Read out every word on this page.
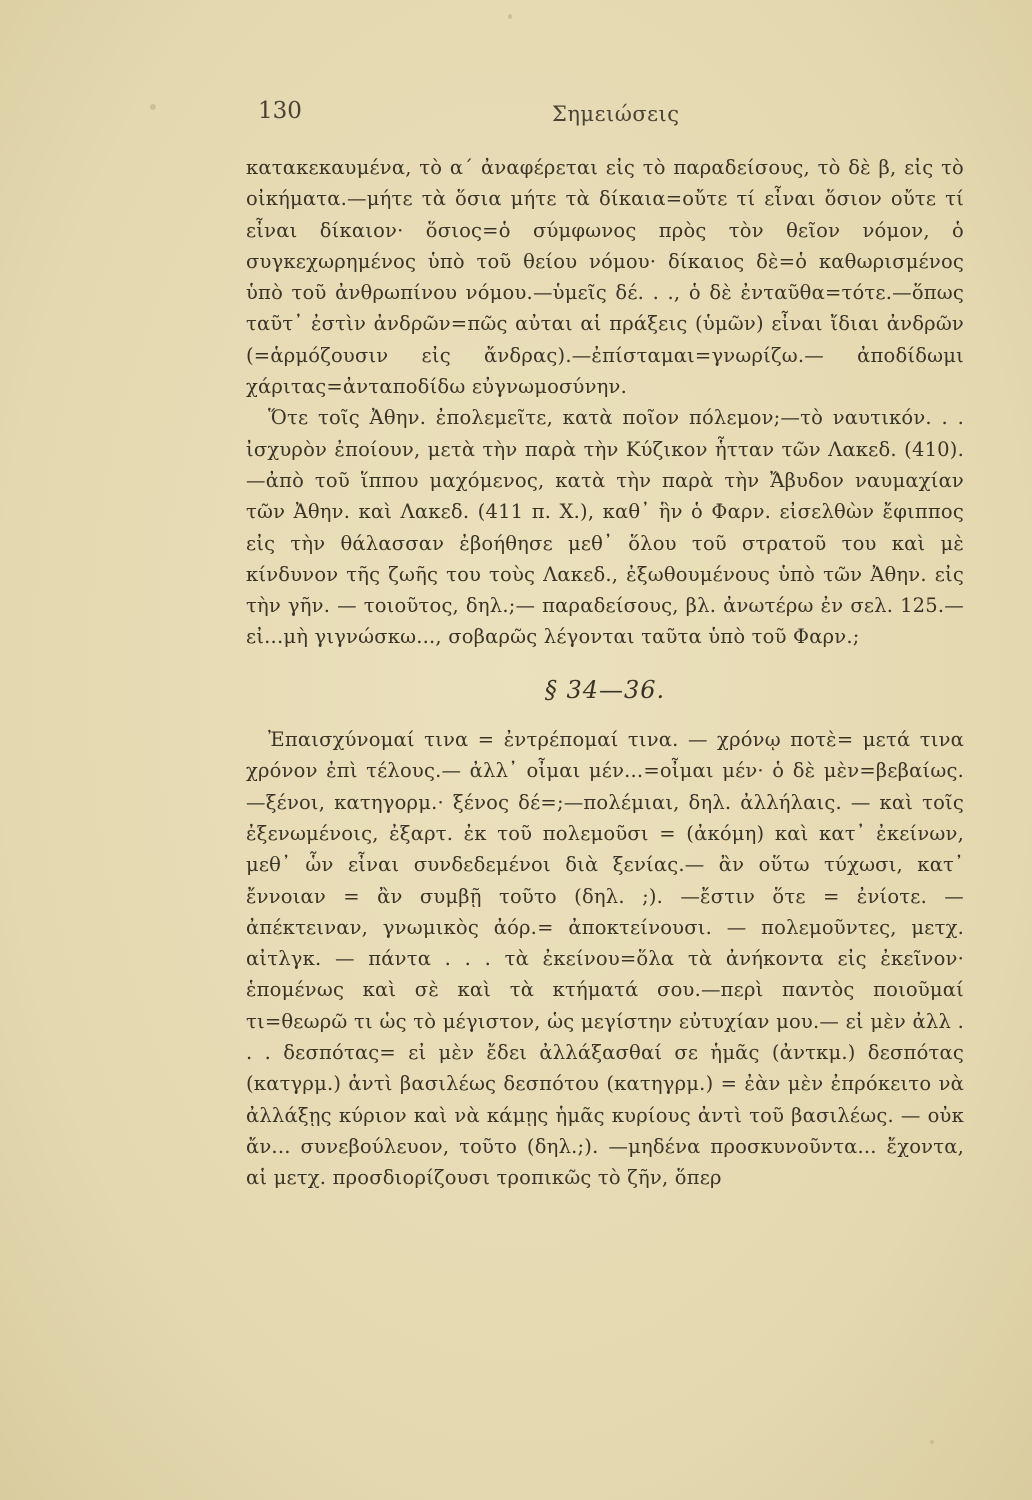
130	Σημειώσεις

κατακεκαυμένα, τὸ α΄ ἀναφέρεται εἰς τὸ παραδείσους, τὸ δὲ β, εἰς τὸ οἰκήματα.—μήτε τὰ ὅσια μήτε τὰ δίκαια=οὔτε τί εἶναι ὅσιον οὔτε τί εἶναι δίκαιον· ὅσιος=ὁ σύμφωνος πρὸς τὸν θεῖον νόμον, ὁ συγκεχωρημένος ὑπὸ τοῦ θείου νόμου· δίκαιος δὲ=ὁ καθωρισμένος ὑπὸ τοῦ ἀνθρωπίνου νόμου.—ὑμεῖς δέ. . ., ὁ δὲ ἐνταῦθα=τότε.—ὅπως ταῦτ᾿ ἐστὶν ἀνδρῶν=πῶς αὐται αἱ πράξεις (ὑμῶν) εἶναι ἴδιαι ἀνδρῶν (=ἁρμόζουσιν εἰς ἄνδρας).—ἐπίσταμαι=γνωρίζω.— ἀποδίδωμι χάριτας=ἀνταποδίδω εὐγνωμοσύνην.

Ὅτε τοῖς Ἀθην. ἐπολεμεῖτε, κατὰ ποῖον πόλεμον;—τὸ ναυτικόν. . . ἰσχυρὸν ἐποίουν, μετὰ τὴν παρὰ τὴν Κύζικον ἧτταν τῶν Λακεδ. (410).—ἀπὸ τοῦ ἵππου μαχόμενος, κατὰ τὴν παρὰ τὴν Ἄβυδον ναυμαχίαν τῶν Ἀθην. καὶ Λακεδ. (411 π. Χ.), καθ᾿ ἣν ὁ Φαρν. εἰσελθὼν ἔφιππος εἰς τὴν θάλασσαν ἐβοήθησε μεθ᾿ ὅλου τοῦ στρατοῦ του καὶ μὲ κίνδυνον τῆς ζωῆς του τοὺς Λακεδ., ἐξωθουμένους ὑπὸ τῶν Ἀθην. εἰς τὴν γῆν. — τοιοῦτος, δηλ.;— παραδείσους, βλ. ἀνωτέρω ἐν σελ. 125.—εἰ...μὴ γιγνώσκω..., σοβαρῶς λέγονται ταῦτα ὑπὸ τοῦ Φαρν.;

§ 34—36.

Ἐπαισχύνομαί τινα = ἐντρέπομαί τινα. — χρόνῳ ποτὲ= μετά τινα χρόνον ἐπὶ τέλους.— ἀλλ᾿ οἶμαι μέν...=οἶμαι μέν· ὁ δὲ μὲν=βεβαίως.—ξένοι, κατηγορμ.· ξένος δέ=;—πολέμιαι, δηλ. ἀλλήλαις. — καὶ τοῖς ἐξενωμένοις, ἐξαρτ. ἐκ τοῦ πολεμοῦσι = (ἀκόμη) καὶ κατ᾿ ἐκείνων, μεθ᾿ ὧν εἶναι συνδεδεμένοι διὰ ξενίας.— ἂν οὕτω τύχωσι, κατ᾿ ἔννοιαν = ἂν συμβῇ τοῦτο (δηλ. ;). —ἔστιν ὅτε = ἐνίοτε. — ἀπέκτειναν, γνωμικὸς ἀόρ.= ἀποκτείνουσι. — πολεμοῦντες, μετχ. αἰτλγκ. — πάντα . . . τὰ ἐκείνου=ὅλα τὰ ἀνήκοντα εἰς ἐκεῖνον· ἑπομένως καὶ σὲ καὶ τὰ κτήματά σου.—περὶ παντὸς ποιοῦμαί τι=θεωρῶ τι ὡς τὸ μέγιστον, ὡς μεγίστην εὐτυχίαν μου.— εἰ μὲν ἀλλ . . . δεσπότας= εἰ μὲν ἔδει ἀλλάξασθαί σε ἡμᾶς (ἀντκμ.) δεσπότας (κατγρμ.) ἀντὶ βασιλέως δεσπότου (κατηγρμ.) = ἐὰν μὲν ἐπρόκειτο νὰ ἀλλάξῃς κύριον καὶ νὰ κάμῃς ἡμᾶς κυρίους ἀντὶ τοῦ βασιλέως. — οὐκ ἄν... συνεβούλευον, τοῦτο (δηλ.;). —μηδένα προσκυνοῦντα... ἔχοντα, αἱ μετχ. προσδιορίζουσι τροπικῶς τὸ ζῆν, ὅπερ
